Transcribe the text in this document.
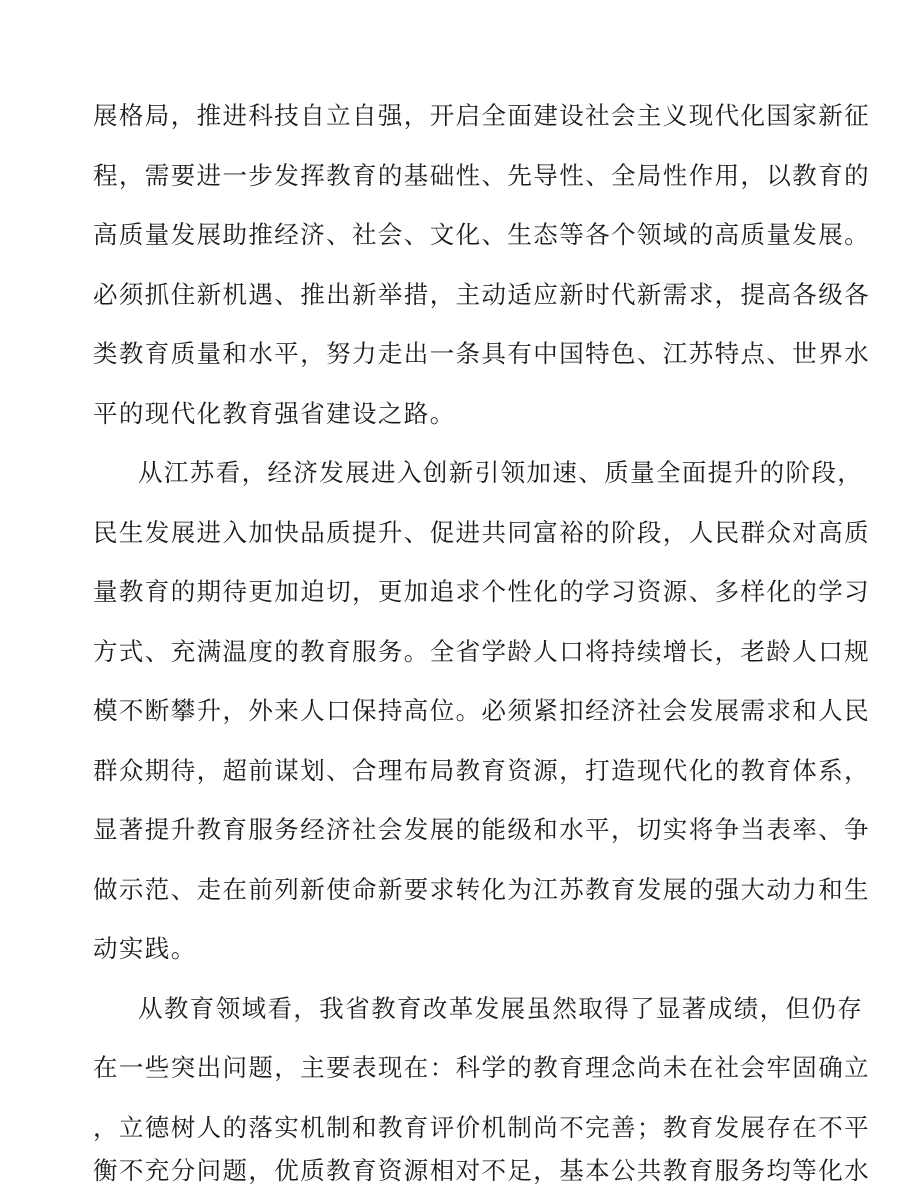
展格局，推进科技自立自强，开启全面建设社会主义现代化国家新征
程，需要进一步发挥教育的基础性、先导性、全局性作用，以教育的
高质量发展助推经济、社会、文化、生态等各个领域的高质量发展。
必须抓住新机遇、推出新举措，主动适应新时代新需求，提高各级各
类教育质量和水平，努力走出一条具有中国特色、江苏特点、世界水
平的现代化教育强省建设之路。
从江苏看，经济发展进入创新引领加速、质量全面提升的阶段，
民生发展进入加快品质提升、促进共同富裕的阶段，人民群众对高质
量教育的期待更加迫切，更加追求个性化的学习资源、多样化的学习
方式、充满温度的教育服务。全省学龄人口将持续增长，老龄人口规
模不断攀升，外来人口保持高位。必须紧扣经济社会发展需求和人民
群众期待，超前谋划、合理布局教育资源，打造现代化的教育体系，
显著提升教育服务经济社会发展的能级和水平，切实将争当表率、争
做示范、走在前列新使命新要求转化为江苏教育发展的强大动力和生
动实践。
从教育领域看，我省教育改革发展虽然取得了显著成绩，但仍存
在一些突出问题，主要表现在：科学的教育理念尚未在社会牢固确立
，立德树人的落实机制和教育评价机制尚不完善；教育发展存在不平
衡不充分问题，优质教育资源相对不足，基本公共教育服务均等化水
